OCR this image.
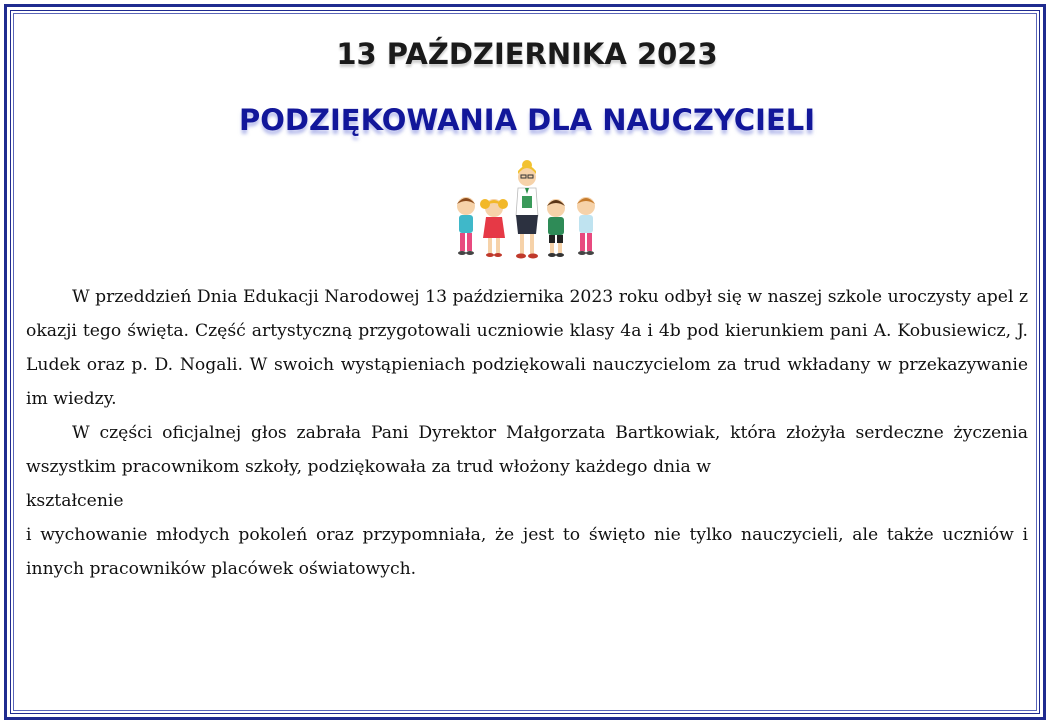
13 PAŹDZIERNIKA 2023
PODZIĘKOWANIA DLA NAUCZYCIELI

W przeddzień Dnia Edukacji Narodowej 13 października 2023 roku odbył się w naszej szkole uroczysty apel z okazji tego święta. Część artystyczną przygotowali uczniowie klasy 4a i 4b pod kierunkiem pani A. Kobusiewicz, J. Ludek oraz p. D. Nogali. W swoich wystąpieniach podziękowali nauczycielom za trud wkładany w przekazywanie im wiedzy.

W części oficjalnej głos zabrała Pani Dyrektor Małgorzata Bartkowiak, która złożyła serdeczne życzenia wszystkim pracownikom szkoły, podziękowała za trud włożony każdego dnia w

kształcenie

i wychowanie młodych pokoleń oraz przypomniała, że jest to święto nie tylko nauczycieli, ale także uczniów i innych pracowników placówek oświatowych.
